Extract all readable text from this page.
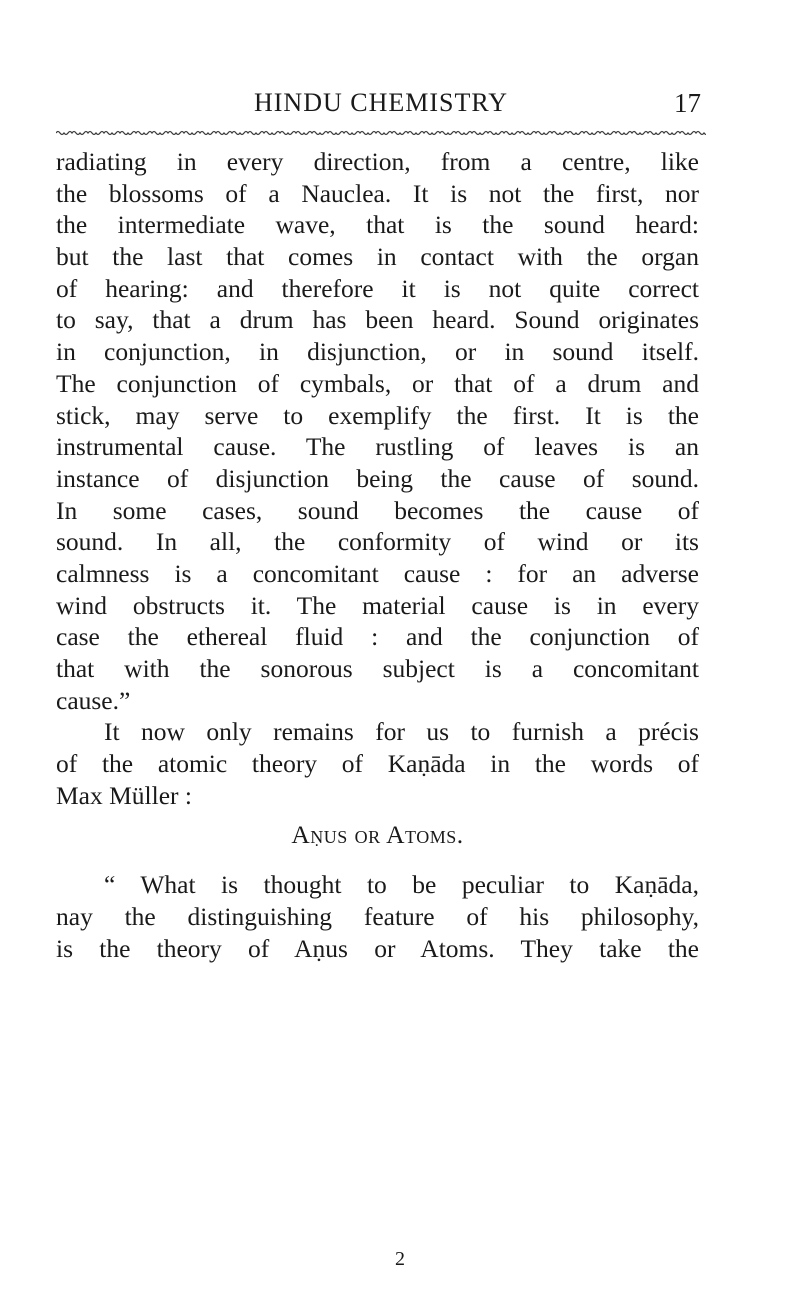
HINDU CHEMISTRY	17
radiating in every direction, from a centre, like
the blossoms of a Nauclea. It is not the first, nor
the intermediate wave, that is the sound heard:
but the last that comes in contact with the organ
of hearing: and therefore it is not quite correct
to say, that a drum has been heard. Sound originates
in conjunction, in disjunction, or in sound itself.
The conjunction of cymbals, or that of a drum and
stick, may serve to exemplify the first. It is the
instrumental cause. The rustling of leaves is an
instance of disjunction being the cause of sound.
In some cases, sound becomes the cause of
sound. In all, the conformity of wind or its
calmness is a concomitant cause : for an adverse
wind obstructs it. The material cause is in every
case the ethereal fluid : and the conjunction of
that with the sonorous subject is a concomitant
cause.”
It now only remains for us to furnish a précis
of the atomic theory of Kaṇāda in the words of
Max Müller :
Aṇus or Atoms.
“ What is thought to be peculiar to Kaṇāda,
nay the distinguishing feature of his philosophy,
is the theory of Aṇus or Atoms. They take the
2
